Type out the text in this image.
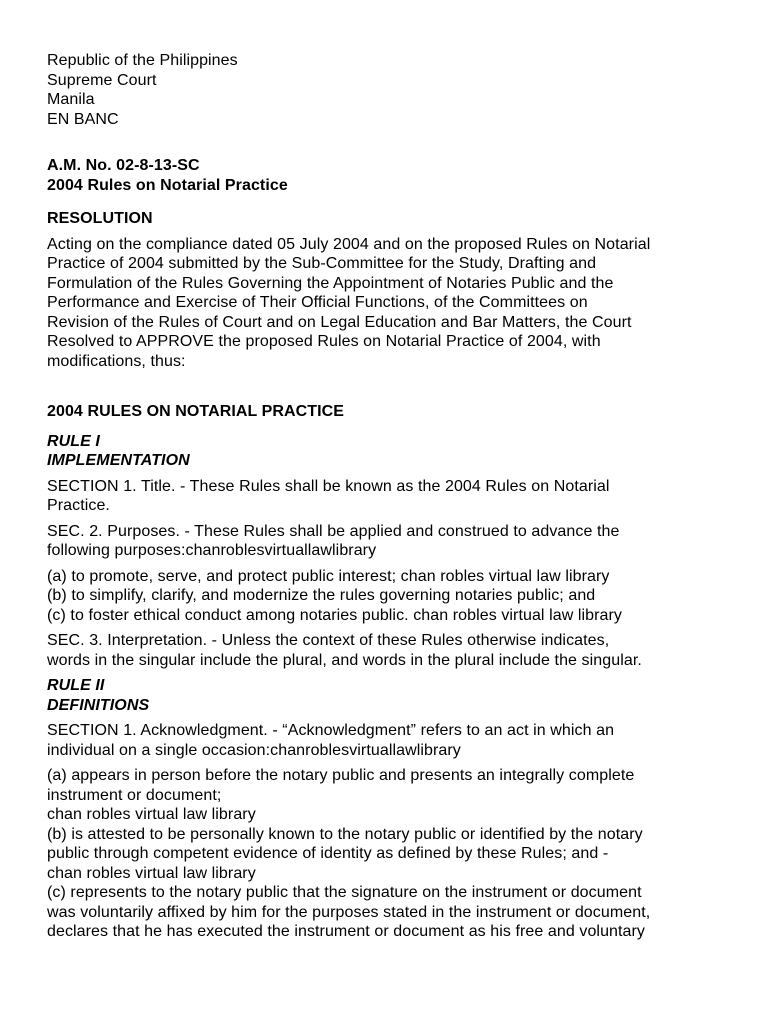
Republic of the Philippines
Supreme Court
Manila
EN BANC
A.M. No. 02-8-13-SC
2004 Rules on Notarial Practice
RESOLUTION
Acting on the compliance dated 05 July 2004 and on the proposed Rules on Notarial
Practice of 2004 submitted by the Sub-Committee for the Study, Drafting and
Formulation of the Rules Governing the Appointment of Notaries Public and the
Performance and Exercise of Their Official Functions, of the Committees on
Revision of the Rules of Court and on Legal Education and Bar Matters, the Court
Resolved to APPROVE the proposed Rules on Notarial Practice of 2004, with
modifications, thus:
2004 RULES ON NOTARIAL PRACTICE
RULE I
IMPLEMENTATION
SECTION 1. Title. - These Rules shall be known as the 2004 Rules on Notarial
Practice.
SEC. 2. Purposes. - These Rules shall be applied and construed to advance the
following purposes:chanroblesvirtuallawlibrary
(a) to promote, serve, and protect public interest; chan robles virtual law library
(b) to simplify, clarify, and modernize the rules governing notaries public; and
(c) to foster ethical conduct among notaries public. chan robles virtual law library
SEC. 3. Interpretation. - Unless the context of these Rules otherwise indicates,
words in the singular include the plural, and words in the plural include the singular.
RULE II
DEFINITIONS
SECTION 1. Acknowledgment. - “Acknowledgment” refers to an act in which an
individual on a single occasion:chanroblesvirtuallawlibrary
(a) appears in person before the notary public and presents an integrally complete
instrument or document;
chan robles virtual law library
(b) is attested to be personally known to the notary public or identified by the notary
public through competent evidence of identity as defined by these Rules; and -
chan robles virtual law library
(c) represents to the notary public that the signature on the instrument or document
was voluntarily affixed by him for the purposes stated in the instrument or document,
declares that he has executed the instrument or document as his free and voluntary
